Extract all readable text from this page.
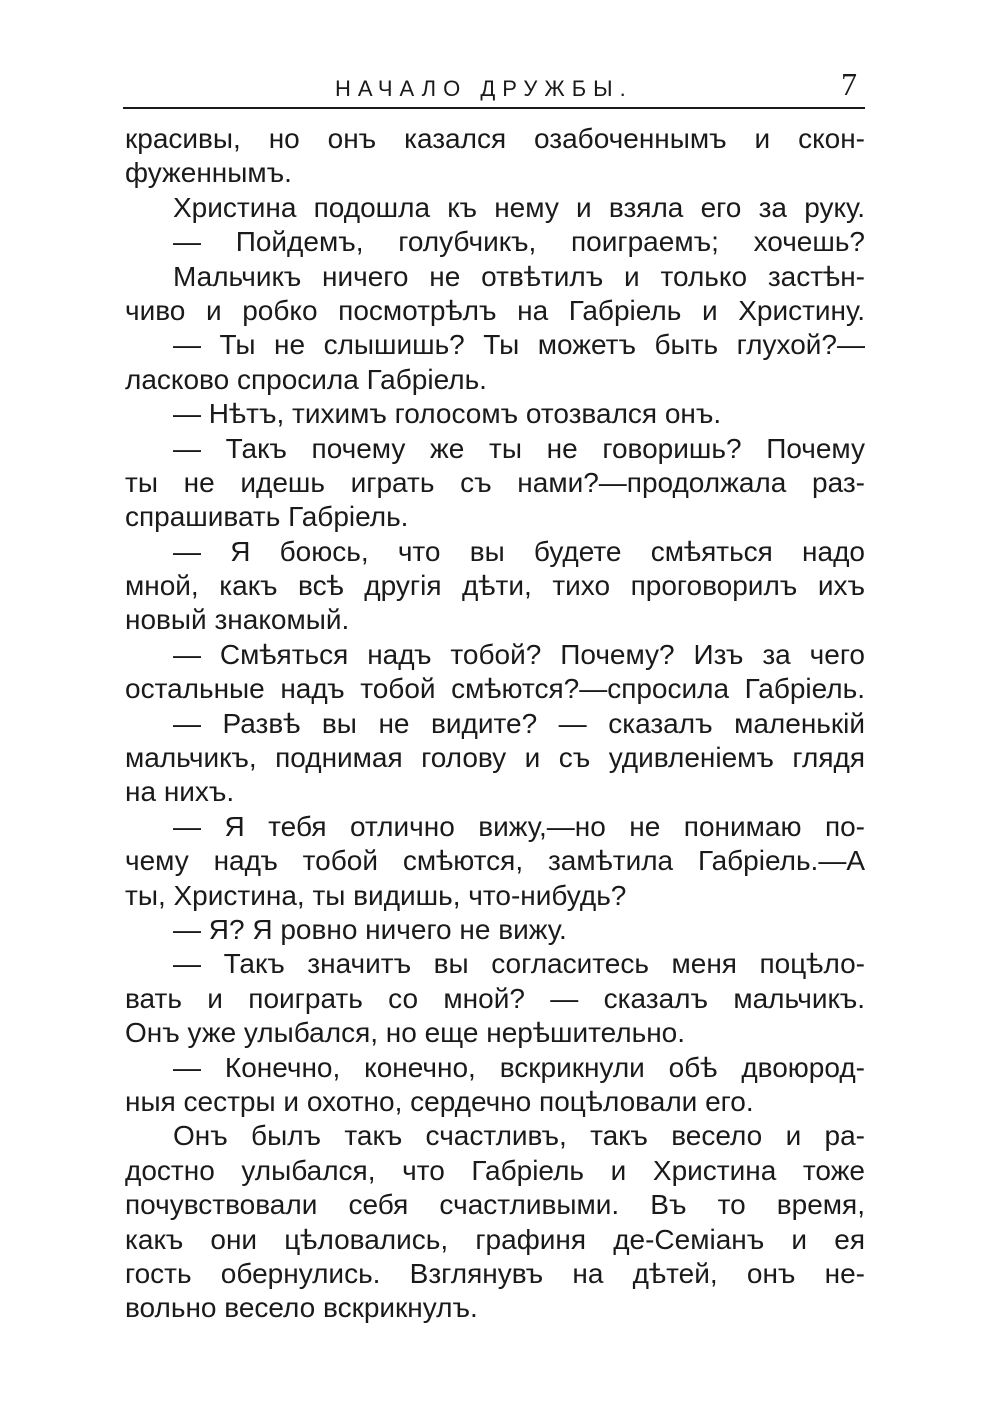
НАЧАЛО ДРУЖБЫ.	7
красивы, но онъ казался озабоченнымъ и скон-
фуженнымъ.
Христина подошла къ нему и взяла его за руку.
— Пойдемъ, голубчикъ, поиграемъ; хочешь?
Мальчикъ ничего не отвѣтилъ и только застѣн-
чиво и робко посмотрѣлъ на Габріель и Христину.
— Ты не слышишь? Ты можетъ быть глухой?—
ласково спросила Габріель.
— Нѣтъ, тихимъ голосомъ отозвался онъ.
— Такъ почему же ты не говоришь? Почему
ты не идешь играть съ нами?—продолжала раз-
спрашивать Габріель.
— Я боюсь, что вы будете смѣяться надо
мной, какъ всѣ другія дѣти, тихо проговорилъ ихъ
новый знакомый.
— Смѣяться надъ тобой? Почему? Изъ за чего
остальные надъ тобой смѣются?—спросила Габріель.
— Развѣ вы не видите? — сказалъ маленькій
мальчикъ, поднимая голову и съ удивленіемъ глядя
на нихъ.
— Я тебя отлично вижу,—но не понимаю по-
чему надъ тобой смѣются, замѣтила Габріель.—А
ты, Христина, ты видишь, что-нибудь?
— Я? Я ровно ничего не вижу.
— Такъ значитъ вы согласитесь меня поцѣло-
вать и поиграть со мной? — сказалъ мальчикъ.
Онъ уже улыбался, но еще нерѣшительно.
— Конечно, конечно, вскрикнули обѣ двоюрод-
ныя сестры и охотно, сердечно поцѣловали его.
Онъ былъ такъ счастливъ, такъ весело и ра-
достно улыбался, что Габріель и Христина тоже
почувствовали себя счастливыми. Въ то время,
какъ они цѣловались, графиня де-Семіанъ и ея
гость обернулись. Взглянувъ на дѣтей, онъ не-
вольно весело вскрикнулъ.
